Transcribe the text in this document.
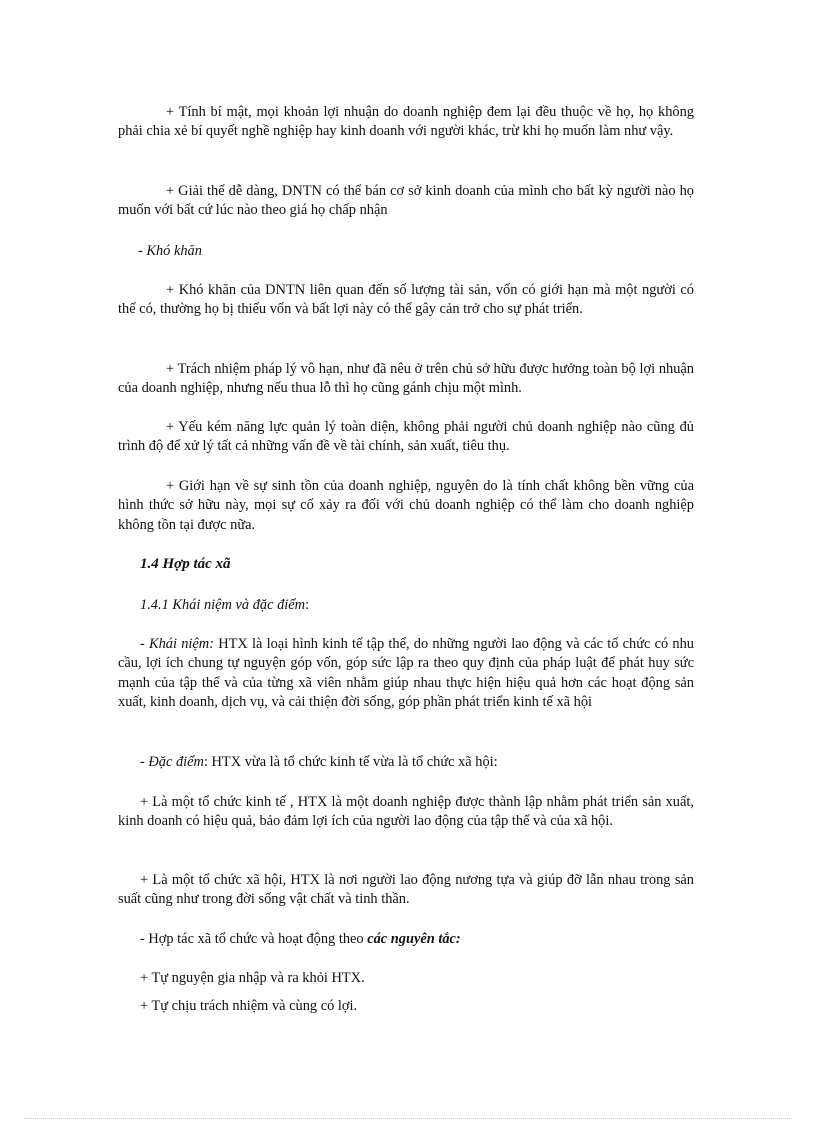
+ Tính bí mật, mọi khoản lợi nhuận do doanh nghiệp đem lại đều thuộc về họ, họ không phải chia xẻ bí quyết nghề nghiệp hay kinh doanh với người khác, trừ khi họ muốn làm như vậy.

+ Giải thể dễ dàng, DNTN có thể bán cơ sở kinh doanh của mình cho bất kỳ người nào họ muốn với bất cứ lúc nào theo giá họ chấp nhận

- Khó khăn

+ Khó khăn của DNTN liên quan đến số lượng tài sản, vốn có giới hạn mà một người có thể có, thường họ bị thiếu vốn và bất lợi này có thể gây cản trở cho sự phát triển.

+ Trách nhiệm pháp lý vô hạn, như đã nêu ở trên chủ sở hữu được hưởng toàn bộ lợi nhuận của doanh nghiệp, nhưng nếu thua lỗ thì họ cũng gánh chịu một mình.

+ Yếu kém năng lực quản lý toàn diện, không phải người chủ doanh nghiệp nào cũng đủ trình độ để xử lý tất cả những vấn đề về tài chính, sản xuất, tiêu thụ.

+ Giới hạn về sự sinh tồn của doanh nghiệp, nguyên do là tính chất không bền vững của hình thức sở hữu này, mọi sự cố xảy ra đối với chủ doanh nghiệp có thể làm cho doanh nghiệp không tồn tại được nữa.

1.4 Hợp tác xã

1.4.1 Khái niệm và đặc điểm:

- Khái niệm: HTX là loại hình kinh tế tập thể, do những người lao động và các tổ chức có nhu cầu, lợi ích chung tự nguyện góp vốn, góp sức lập ra theo quy định của pháp luật để phát huy sức mạnh của tập thể và của từng xã viên nhằm giúp nhau thực hiện hiệu quả hơn các hoạt động sản xuất, kinh doanh, dịch vụ, và cải thiện đời sống, góp phần phát triển kinh tế xã hội

- Đặc điểm: HTX vừa là tổ chức kinh tế vừa là tổ chức xã hội:

+ Là một tổ chức kinh tế , HTX là một doanh nghiệp được thành lập nhằm phát triển sản xuất, kinh doanh có hiệu quả, bảo đảm lợi ích của người lao động của tập thể và của xã hội.

+ Là một tổ chức xã hội, HTX là nơi người lao động nương tựa và giúp đỡ lẫn nhau trong sản suất cũng như trong đời sống vật chất và tinh thần.

- Hợp tác xã tổ chức và hoạt động theo các nguyên tắc:

+ Tự nguyện gia nhập và ra khỏi HTX.

+ Tự chịu trách nhiệm và cùng có lợi.
